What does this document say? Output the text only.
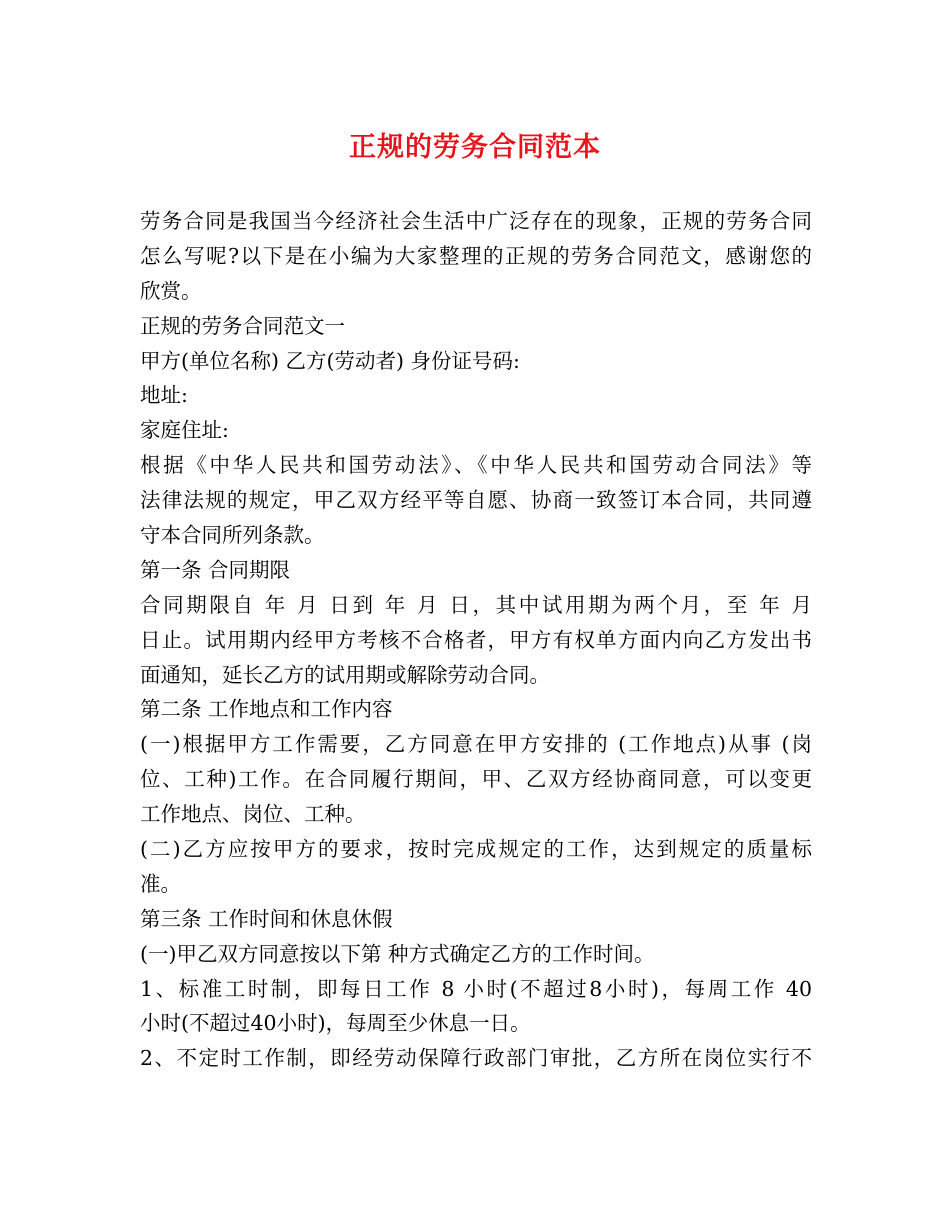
正规的劳务合同范本
劳务合同是我国当今经济社会生活中广泛存在的现象，正规的劳务合同
怎么写呢?以下是在小编为大家整理的正规的劳务合同范文，感谢您的
欣赏。
正规的劳务合同范文一
甲方(单位名称) 乙方(劳动者) 身份证号码:
地址:
家庭住址:
根据《中华人民共和国劳动法》、《中华人民共和国劳动合同法》等
法律法规的规定，甲乙双方经平等自愿、协商一致签订本合同，共同遵
守本合同所列条款。
第一条 合同期限
合同期限自 年 月 日到 年 月 日，其中试用期为两个月，至 年 月
日止。试用期内经甲方考核不合格者，甲方有权单方面内向乙方发出书
面通知，延长乙方的试用期或解除劳动合同。
第二条 工作地点和工作内容
(一)根据甲方工作需要，乙方同意在甲方安排的 (工作地点)从事 (岗
位、工种)工作。在合同履行期间，甲、乙双方经协商同意，可以变更
工作地点、岗位、工种。
(二)乙方应按甲方的要求，按时完成规定的工作，达到规定的质量标
准。
第三条 工作时间和休息休假
(一)甲乙双方同意按以下第 种方式确定乙方的工作时间。
1、标准工时制，即每日工作 8 小时(不超过8小时)，每周工作 40
小时(不超过40小时)，每周至少休息一日。
2、不定时工作制，即经劳动保障行政部门审批，乙方所在岗位实行不
